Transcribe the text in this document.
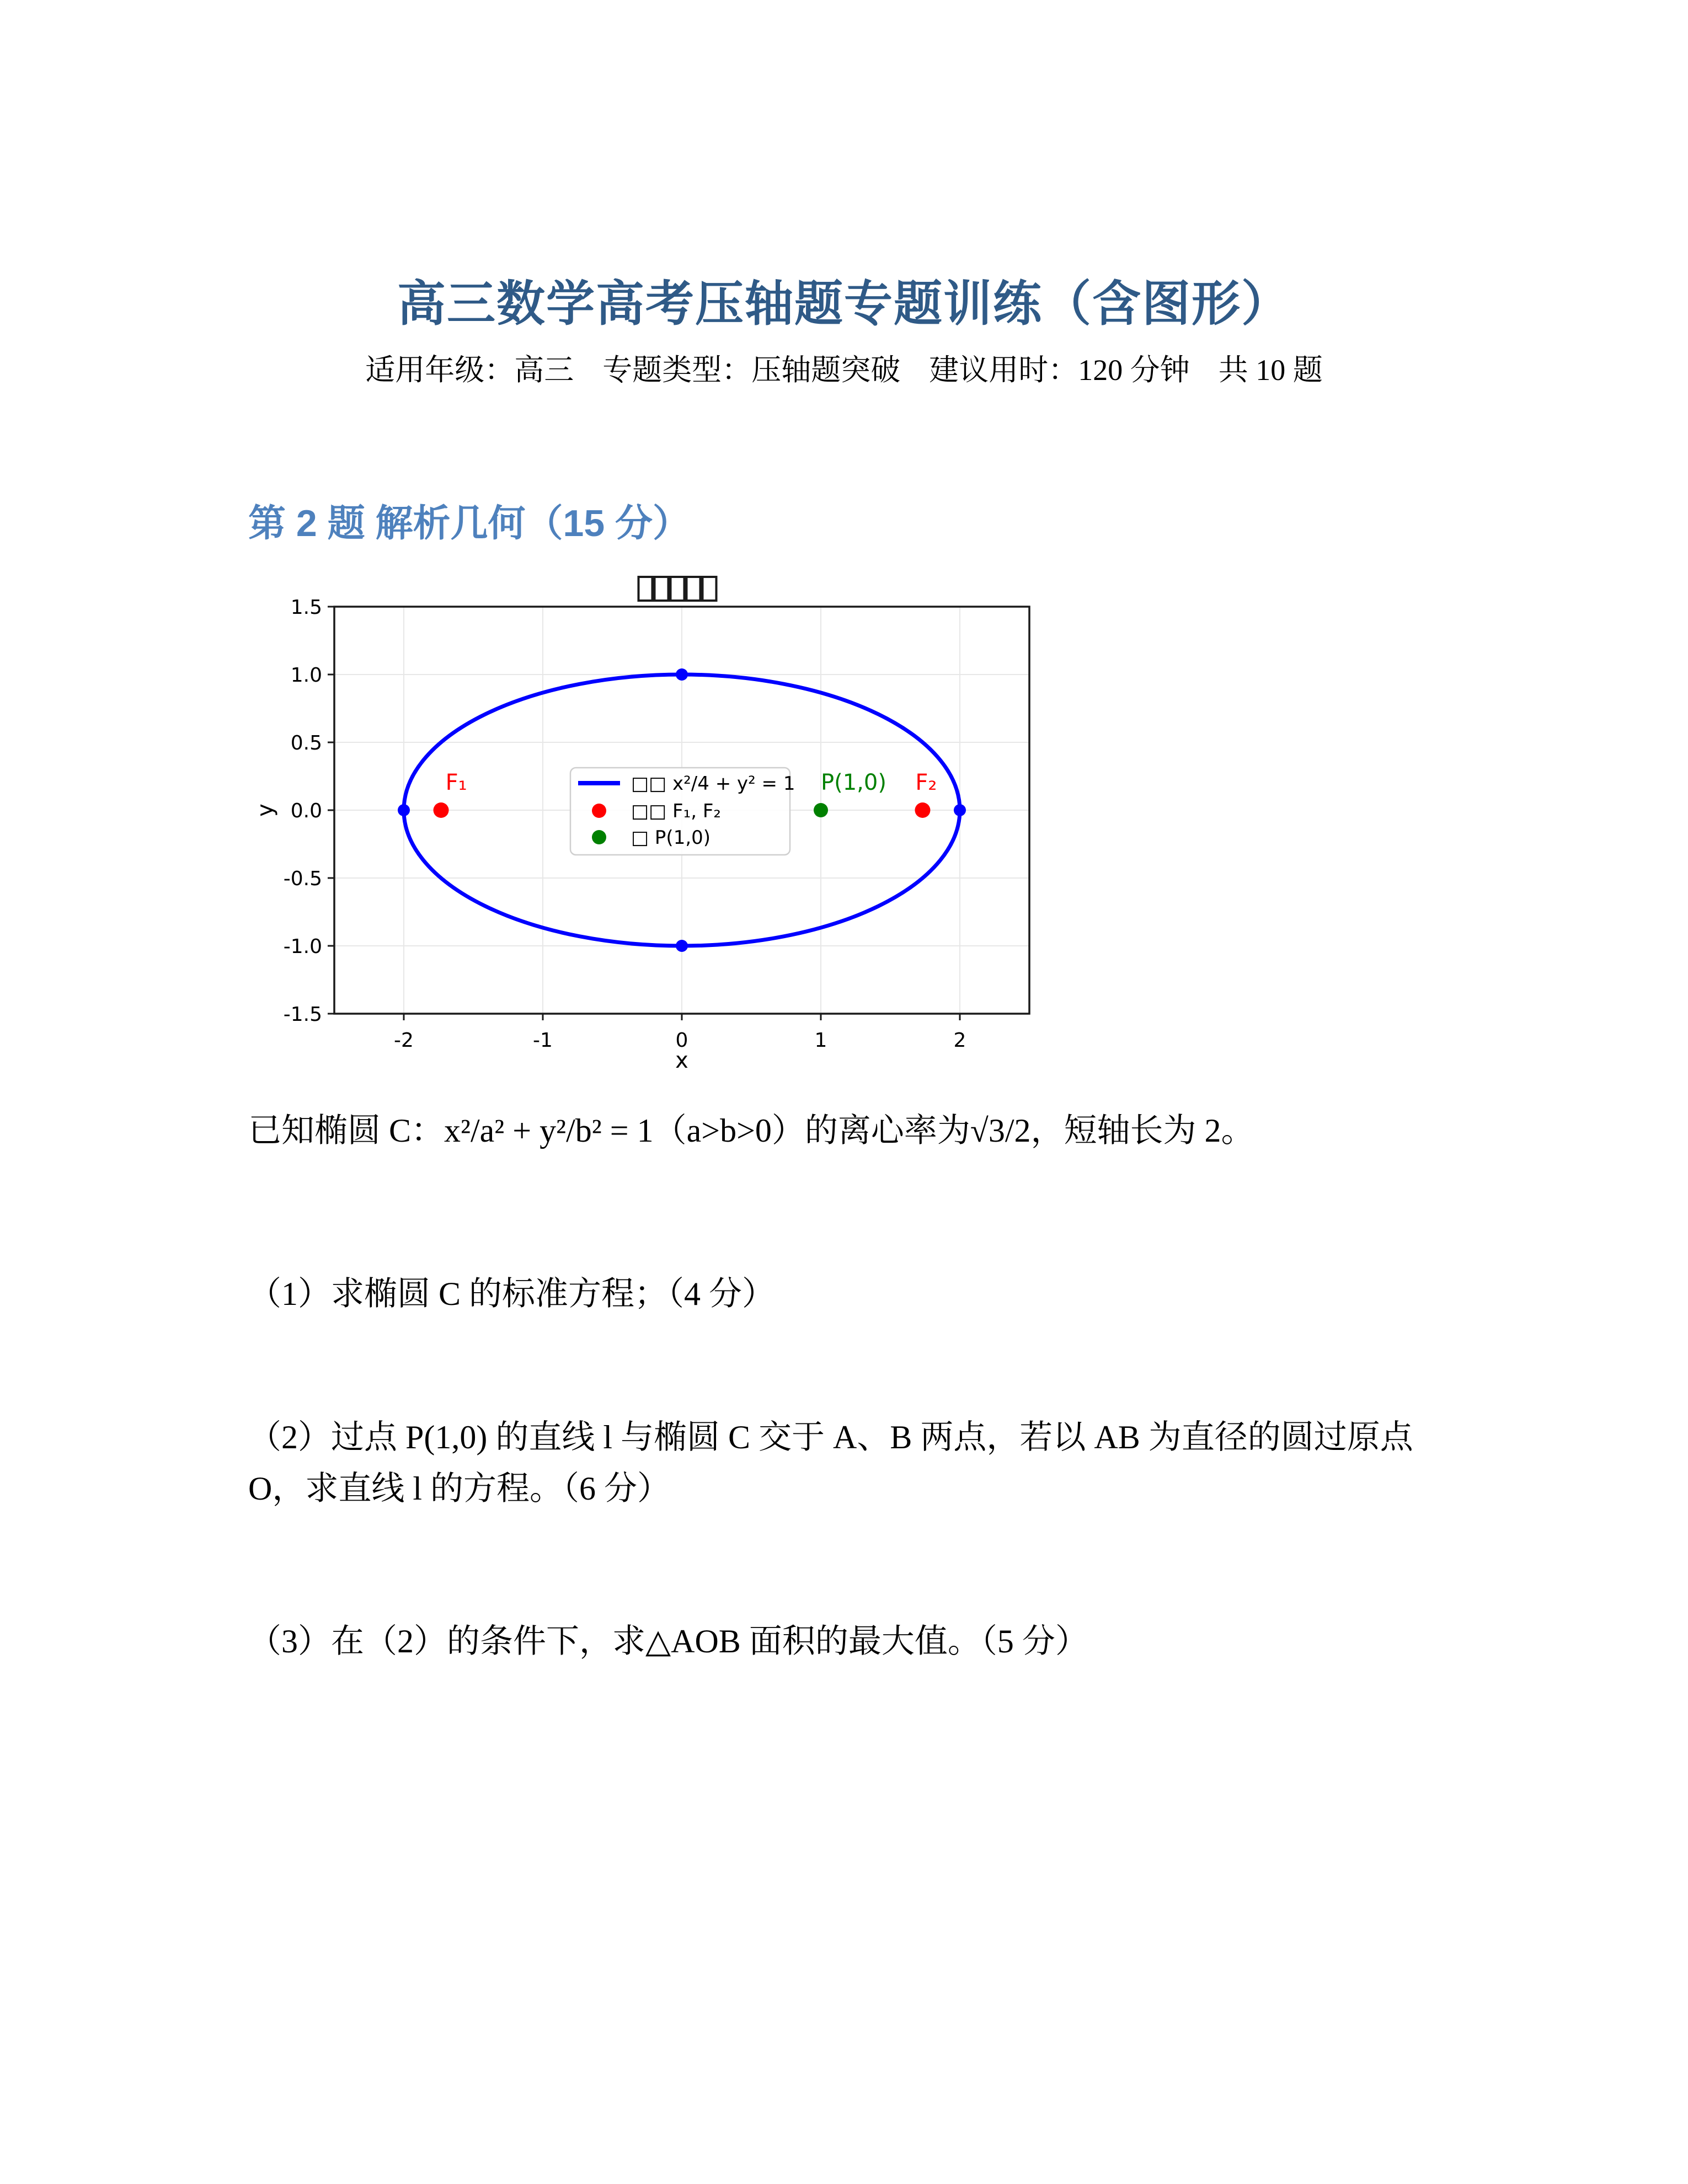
高三数学高考压轴题专题训练（含图形）
适用年级：高三 专题类型：压轴题突破 建议用时：120 分钟 共 10 题
第 2 题 解析几何（15 分）
-2	-1	0	1	2
-1.5
-1.0
-0.5
0.0
0.5
1.0
1.5
x
y
F₁	P(1,0) F₂
□□ x²/4 + y² = 1
□□ F₁, F₂
□ P(1,0)

已知椭圆 C：x²/a² + y²/b² = 1（a>b>0）的离心率为√3/2，短轴长为 2。

（1）求椭圆 C 的标准方程；（4 分）

（2）过点 P(1,0) 的直线 l 与椭圆 C 交于 A、B 两点，若以 AB 为直径的圆过原点 O，求直线 l 的方程。（6 分）

（3）在（2）的条件下，求△AOB 面积的最大值。（5 分）
